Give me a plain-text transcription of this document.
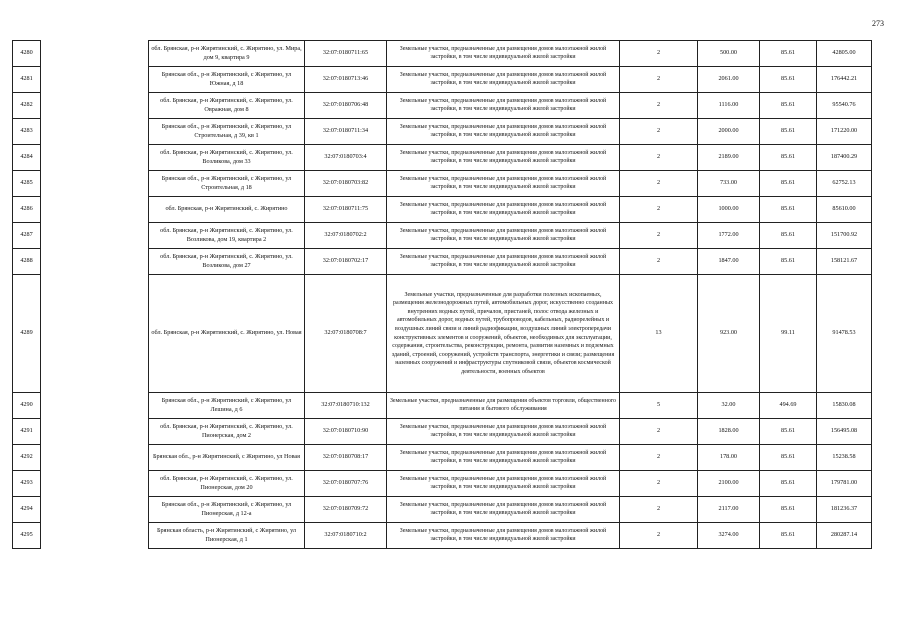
273
4280		обл. Брянская, р-н Жирятинский, с. Жирятино, ул. Мира, дом 9, квартира 9	32:07:0180711:65	Земельные участки, предназначенные для размещения домов малоэтажной жилой застройки, в том числе индивидуальной жилой застройки	2	500.00	85.61	42805.00
4281		Брянская обл., р-н Жирятинский, с Жирятино, ул Южная, д 18	32:07:0180713:46	Земельные участки, предназначенные для размещения домов малоэтажной жилой застройки, в том числе индивидуальной жилой застройки	2	2061.00	85.61	176442.21
4282		обл. Брянская, р-н Жирятинский, с. Жирятино, ул. Овражная, дом 8	32:07:0180706:48	Земельные участки, предназначенные для размещения домов малоэтажной жилой застройки, в том числе индивидуальной жилой застройки	2	1116.00	85.61	95540.76
4283		Брянская обл., р-н Жирятинский, с Жирятино, ул Строительная, д 39, кв 1	32:07:0180711:34	Земельные участки, предназначенные для размещения домов малоэтажной жилой застройки, в том числе индивидуальной жилой застройки	2	2000.00	85.61	171220.00
4284		обл. Брянская, р-н Жирятинский, с. Жирятино, ул. Возликова, дом 33	32:07:0180703:4	Земельные участки, предназначенные для размещения домов малоэтажной жилой застройки, в том числе индивидуальной жилой застройки	2	2189.00	85.61	187400.29
4285		Брянская обл., р-н Жирятинский, с Жирятино, ул Строительная, д 18	32:07:0180703:82	Земельные участки, предназначенные для размещения домов малоэтажной жилой застройки, в том числе индивидуальной жилой застройки	2	733.00	85.61	62752.13
4286		обл. Брянская, р-н Жирятинский, с. Жирятино	32:07:0180711:75	Земельные участки, предназначенные для размещения домов малоэтажной жилой застройки, в том числе индивидуальной жилой застройки	2	1000.00	85.61	85610.00
4287		обл. Брянская, р-н Жирятинский, с. Жирятино, ул. Возликова, дом 19, квартира 2	32:07:0180702:2	Земельные участки, предназначенные для размещения домов малоэтажной жилой застройки, в том числе индивидуальной жилой застройки	2	1772.00	85.61	151700.92
4288		обл. Брянская, р-н Жирятинский, с. Жирятино, ул. Возликова, дом 27	32:07:0180702:17	Земельные участки, предназначенные для размещения домов малоэтажной жилой застройки, в том числе индивидуальной жилой застройки	2	1847.00	85.61	158121.67
4289		обл. Брянская, р-н Жирятинский, с. Жирятино, ул. Новая	32:07:0180708:7	Земельные участки, предназначенные для разработки полезных ископаемых, размещения железнодорожных путей, автомобильных дорог, искусственно созданных внутренних водных путей, причалов, пристаней, полос отвода железных и автомобильных дорог, водных путей, трубопроводов, кабельных, радиорелейных и воздушных линий связи и линий радиофикации, воздушных линий электропередачи конструктивных элементов и сооружений, объектов, необходимых для эксплуатации, содержания, строительства, реконструкции, ремонта, развития наземных и подземных зданий, строений, сооружений, устройств транспорта, энергетики и связи; размещения наземных сооружений и инфраструктуры спутниковой связи, объектов космической деятельности, военных объектов	13	923.00	99.11	91478.53
4290		Брянская обл., р-н Жирятинский, с Жирятино, ул Лешина, д 6	32:07:0180710:132	Земельные участки, предназначенные для размещения объектов торговли, общественного питания и бытового обслуживания	5	32.00	494.69	15830.08
4291		обл. Брянская, р-н Жирятинский, с. Жирятино, ул. Пионерская, дом 2	32:07:0180710:90	Земельные участки, предназначенные для размещения домов малоэтажной жилой застройки, в том числе индивидуальной жилой застройки	2	1828.00	85.61	156495.08
4292		Брянская обл., р-н Жирятинский, с Жирятино, ул Новая	32:07:0180708:17	Земельные участки, предназначенные для размещения домов малоэтажной жилой застройки, в том числе индивидуальной жилой застройки	2	178.00	85.61	15238.58
4293		обл. Брянская, р-н Жирятинский, с. Жирятино, ул. Пионерская, дом 20	32:07:0180707:76	Земельные участки, предназначенные для размещения домов малоэтажной жилой застройки, в том числе индивидуальной жилой застройки	2	2100.00	85.61	179781.00
4294		Брянская обл., р-н Жирятинский, с Жирятино, ул Пионерская, д 12-а	32:07:0180709:72	Земельные участки, предназначенные для размещения домов малоэтажной жилой застройки, в том числе индивидуальной жилой застройки	2	2117.00	85.61	181236.37
4295		Брянская область, р-н Жирятинский, с Жирятино, ул Пионерская, д 1	32:07:0180710:2	Земельные участки, предназначенные для размещения домов малоэтажной жилой застройки, в том числе индивидуальной жилой застройки	2	3274.00	85.61	280287.14
